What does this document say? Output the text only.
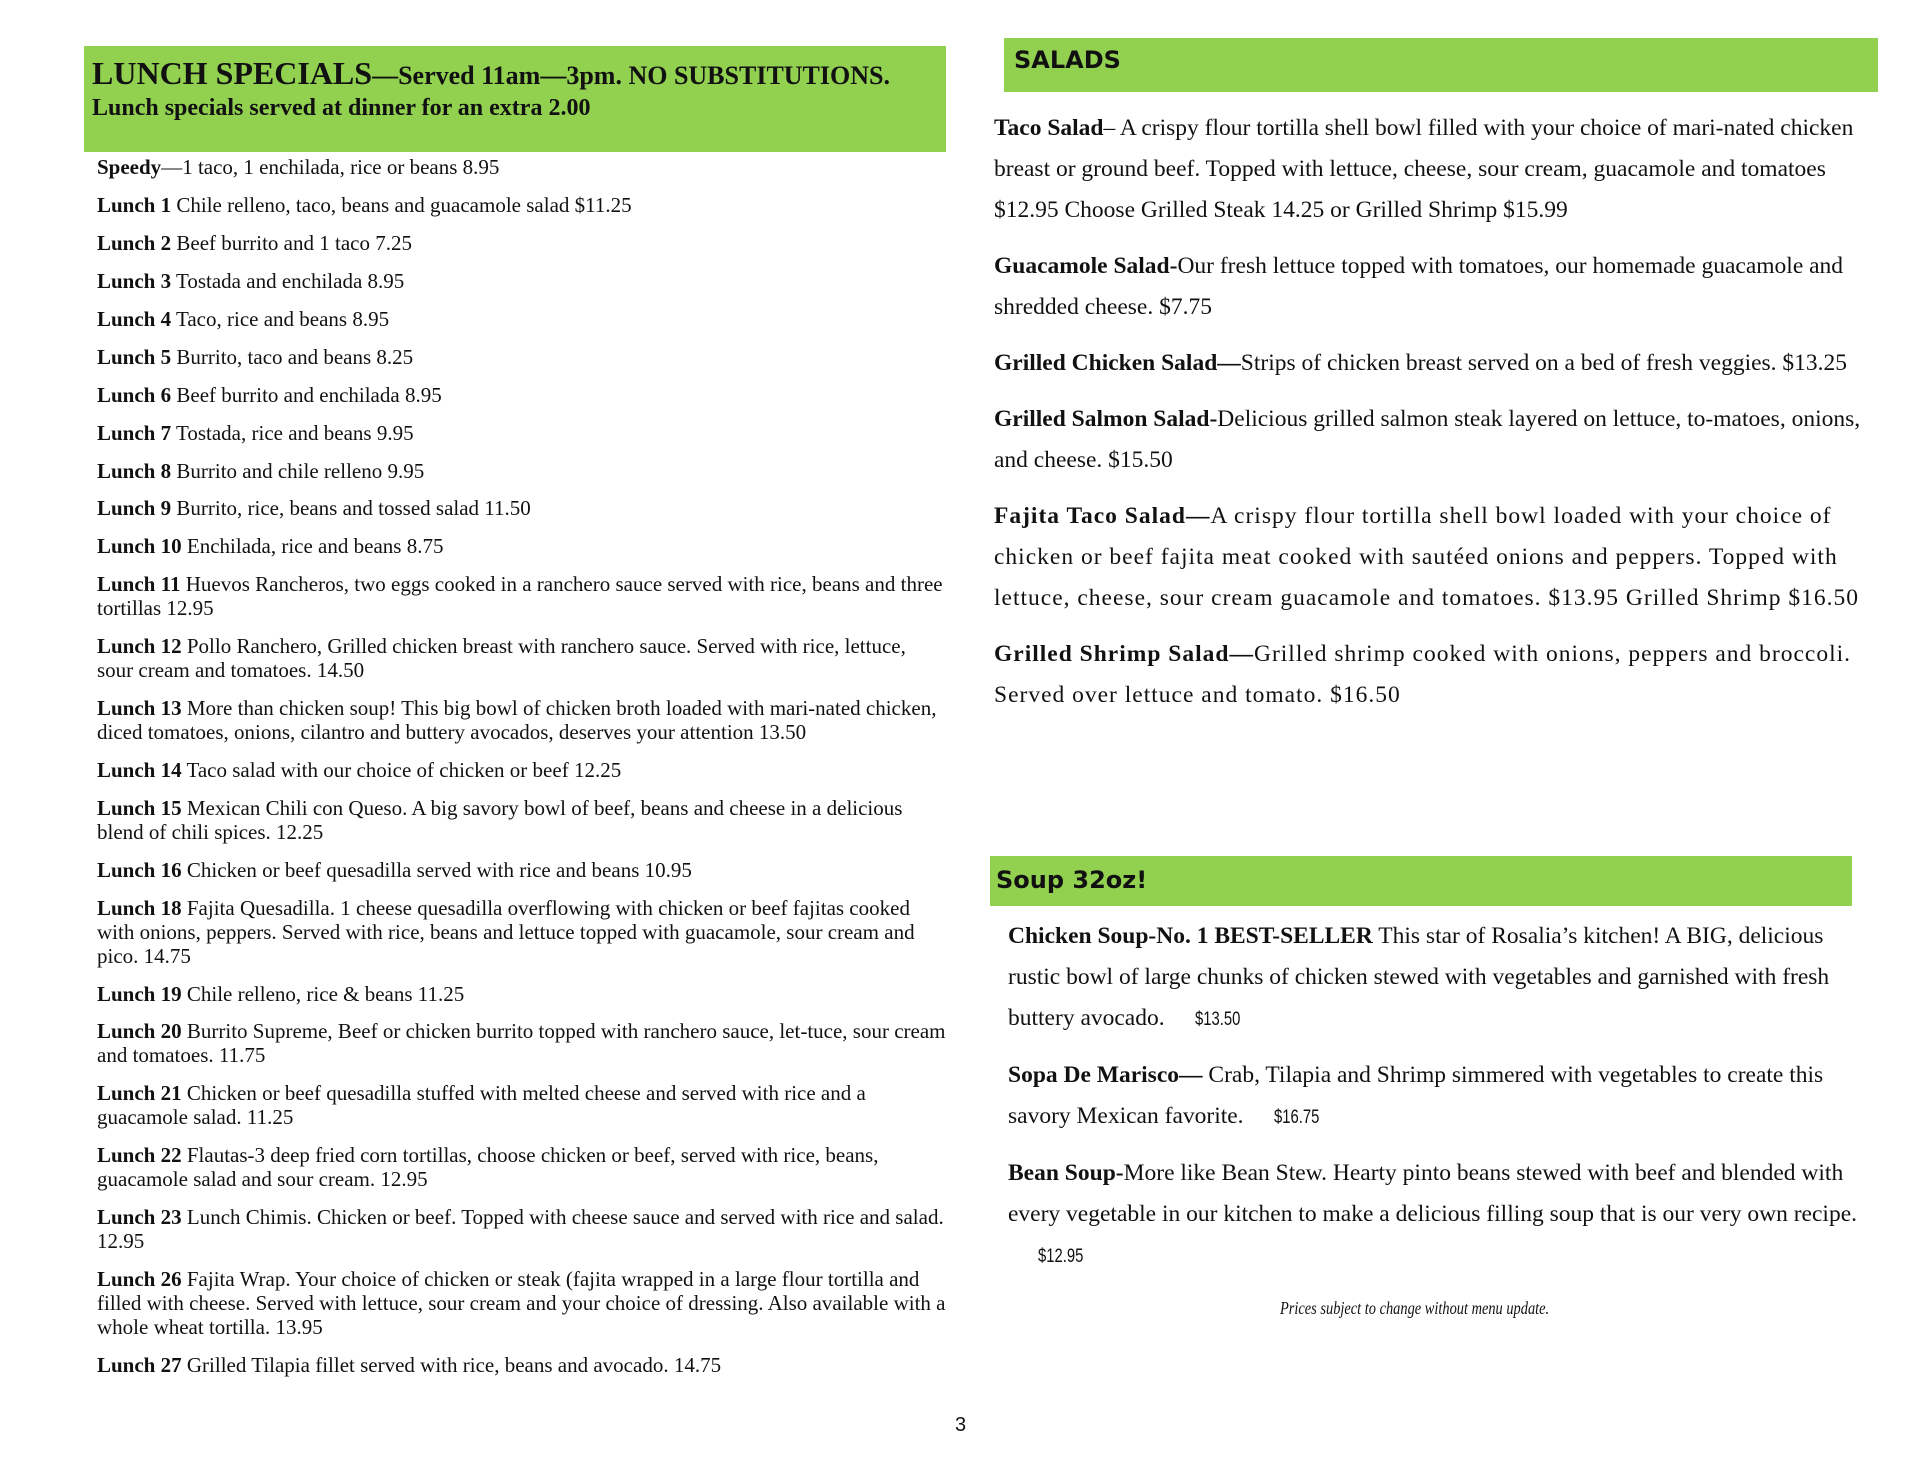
LUNCH SPECIALS—Served 11am—3pm. NO SUBSTITUTIONS.
Lunch specials served at dinner for an extra 2.00
Speedy—1 taco, 1 enchilada, rice or beans 8.95
Lunch 1 Chile relleno, taco, beans and guacamole salad $11.25
Lunch 2 Beef burrito and 1 taco 7.25
Lunch 3 Tostada and enchilada 8.95
Lunch 4 Taco, rice and beans 8.95
Lunch 5 Burrito, taco and beans 8.25
Lunch 6 Beef burrito and enchilada 8.95
Lunch 7 Tostada, rice and beans 9.95
Lunch 8 Burrito and chile relleno 9.95
Lunch 9 Burrito, rice, beans and tossed salad 11.50
Lunch 10 Enchilada, rice and beans 8.75
Lunch 11 Huevos Rancheros, two eggs cooked in a ranchero sauce served with rice, beans and three tortillas 12.95
Lunch 12 Pollo Ranchero, Grilled chicken breast with ranchero sauce. Served with rice, lettuce, sour cream and tomatoes. 14.50
Lunch 13 More than chicken soup! This big bowl of chicken broth loaded with mari-nated chicken, diced tomatoes, onions, cilantro and buttery avocados, deserves your attention 13.50
Lunch 14 Taco salad with our choice of chicken or beef 12.25
Lunch 15 Mexican Chili con Queso. A big savory bowl of beef, beans and cheese in a delicious blend of chili spices. 12.25
Lunch 16 Chicken or beef quesadilla served with rice and beans 10.95
Lunch 18 Fajita Quesadilla. 1 cheese quesadilla overflowing with chicken or beef fajitas cooked with onions, peppers. Served with rice, beans and lettuce topped with guacamole, sour cream and pico. 14.75
Lunch 19 Chile relleno, rice & beans 11.25
Lunch 20 Burrito Supreme, Beef or chicken burrito topped with ranchero sauce, let-tuce, sour cream and tomatoes. 11.75
Lunch 21 Chicken or beef quesadilla stuffed with melted cheese and served with rice and a guacamole salad. 11.25
Lunch 22 Flautas-3 deep fried corn tortillas, choose chicken or beef, served with rice, beans, guacamole salad and sour cream. 12.95
Lunch 23 Lunch Chimis. Chicken or beef. Topped with cheese sauce and served with rice and salad. 12.95
Lunch 26 Fajita Wrap. Your choice of chicken or steak (fajita wrapped in a large flour tortilla and filled with cheese. Served with lettuce, sour cream and your choice of dressing. Also available with a whole wheat tortilla. 13.95
Lunch 27 Grilled Tilapia fillet served with rice, beans and avocado. 14.75
3
SALADS
Taco Salad– A crispy flour tortilla shell bowl filled with your choice of mari-nated chicken breast or ground beef. Topped with lettuce, cheese, sour cream, guacamole and tomatoes $12.95 Choose Grilled Steak 14.25 or Grilled Shrimp $15.99
Guacamole Salad-Our fresh lettuce topped with tomatoes, our homemade guacamole and shredded cheese. $7.75
Grilled Chicken Salad—Strips of chicken breast served on a bed of fresh veggies. $13.25
Grilled Salmon Salad-Delicious grilled salmon steak layered on lettuce, to-matoes, onions, and cheese. $15.50
Fajita Taco Salad—A crispy flour tortilla shell bowl loaded with your choice of chicken or beef fajita meat cooked with sautéed onions and peppers. Topped with lettuce, cheese, sour cream guacamole and tomatoes. $13.95 Grilled Shrimp $16.50
Grilled Shrimp Salad—Grilled shrimp cooked with onions, peppers and broccoli. Served over lettuce and tomato. $16.50
Soup 32oz!
Chicken Soup-No. 1 BEST-SELLER This star of Rosalia’s kitchen! A BIG, delicious rustic bowl of large chunks of chicken stewed with vegetables and garnished with fresh buttery avocado. $13.50
Sopa De Marisco— Crab, Tilapia and Shrimp simmered with vegetables to create this savory Mexican favorite. $16.75
Bean Soup-More like Bean Stew. Hearty pinto beans stewed with beef and blended with every vegetable in our kitchen to make a delicious filling soup that is our very own recipe.$12.95
Prices subject to change without menu update.
